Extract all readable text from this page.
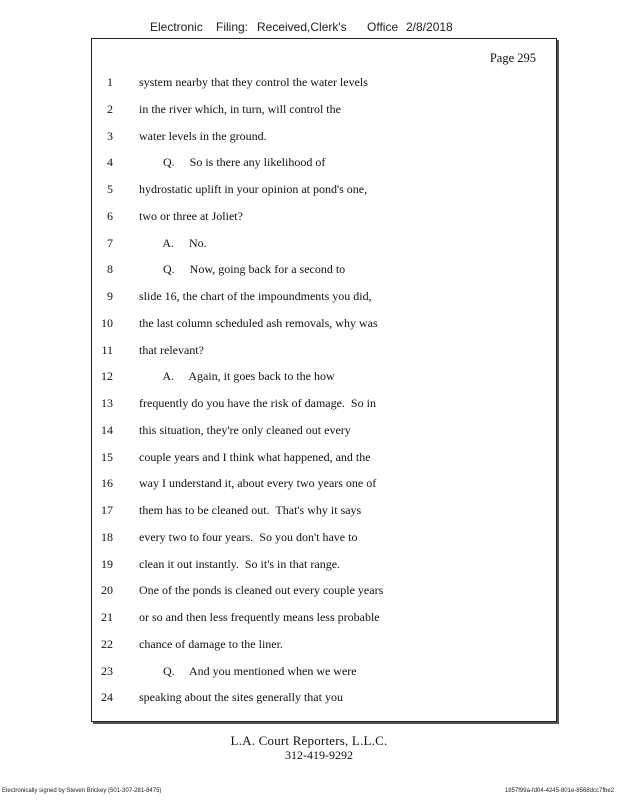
Electronic Filing: Received,Clerk's Office 2/8/2018
Page 295
1 system nearby that they control the water levels
2 in the river which, in turn, will control the
3 water levels in the ground.
4 Q.     So is there any likelihood of
5 hydrostatic uplift in your opinion at pond's one,
6 two or three at Joliet?
7 A.     No.
8 Q.     Now, going back for a second to
9 slide 16, the chart of the impoundments you did,
10 the last column scheduled ash removals, why was
11 that relevant?
12 A.     Again, it goes back to the how
13 frequently do you have the risk of damage.  So in
14 this situation, they're only cleaned out every
15 couple years and I think what happened, and the
16 way I understand it, about every two years one of
17 them has to be cleaned out.  That's why it says
18 every two to four years.  So you don't have to
19 clean it out instantly.  So it's in that range.
20 One of the ponds is cleaned out every couple years
21 or so and then less frequently means less probable
22 chance of damage to the liner.
23 Q.     And you mentioned when we were
24 speaking about the sites generally that you
L.A. Court Reporters, L.L.C.
312-419-9292
Electronically signed by Steven Brickey (501-307-281-8475)	1857f99a-fd04-4245-801e-8568dcc7fbe2
